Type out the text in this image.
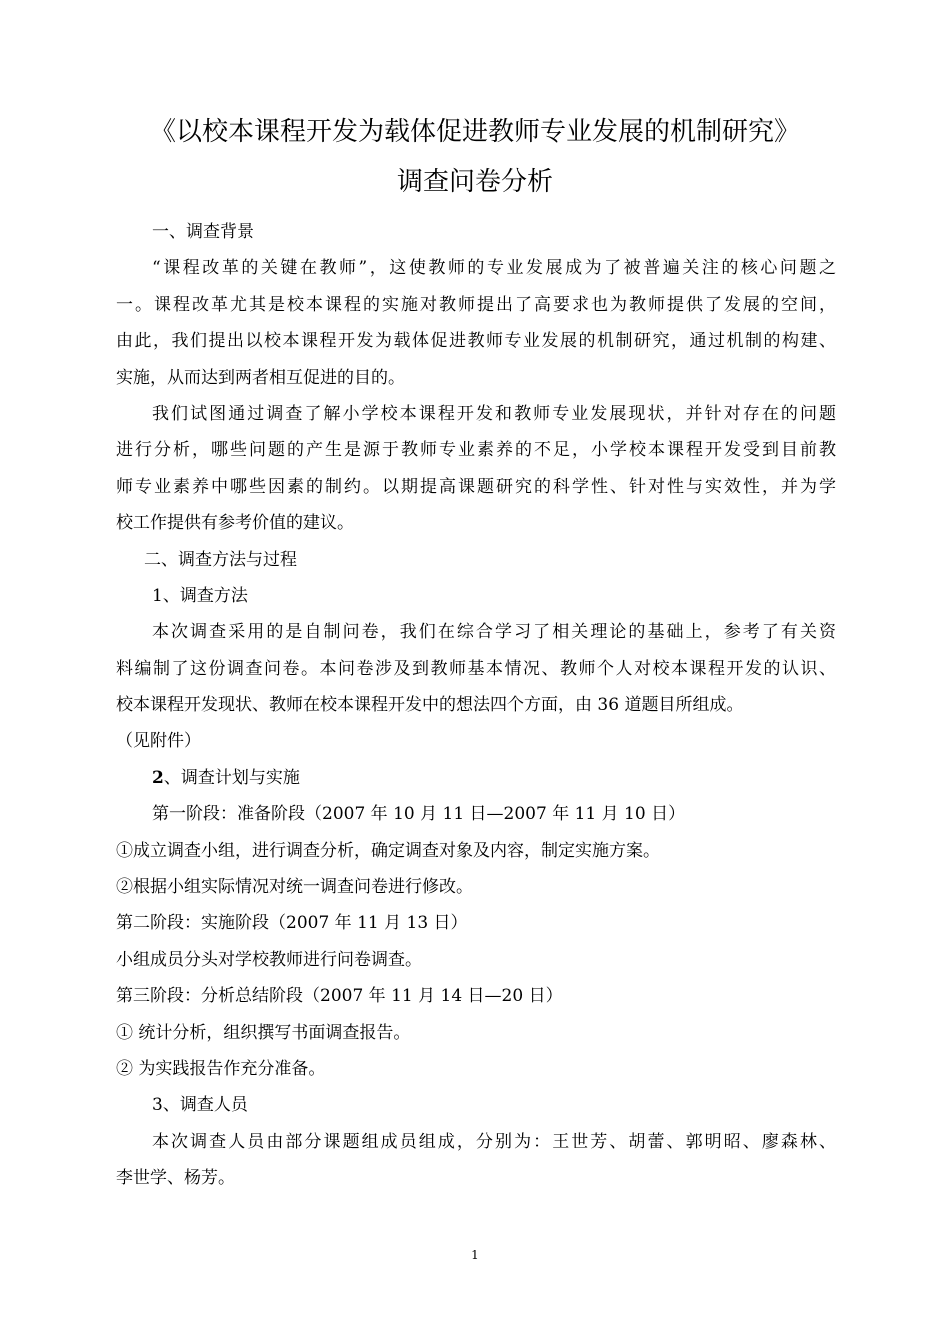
《以校本课程开发为载体促进教师专业发展的机制研究》
调查问卷分析
一、调查背景
“课程改革的关键在教师”，这使教师的专业发展成为了被普遍关注的核心问题之
一。课程改革尤其是校本课程的实施对教师提出了高要求也为教师提供了发展的空间，
由此，我们提出以校本课程开发为载体促进教师专业发展的机制研究，通过机制的构建、
实施，从而达到两者相互促进的目的。
我们试图通过调查了解小学校本课程开发和教师专业发展现状，并针对存在的问题
进行分析，哪些问题的产生是源于教师专业素养的不足，小学校本课程开发受到目前教
师专业素养中哪些因素的制约。以期提高课题研究的科学性、针对性与实效性，并为学
校工作提供有参考价值的建议。
二、调查方法与过程
1、调查方法
本次调查采用的是自制问卷，我们在综合学习了相关理论的基础上，参考了有关资
料编制了这份调查问卷。本问卷涉及到教师基本情况、教师个人对校本课程开发的认识、
校本课程开发现状、教师在校本课程开发中的想法四个方面，由 36 道题目所组成。
（见附件）
2、调查计划与实施
第一阶段：准备阶段（2007 年 10 月 11 日—2007 年 11 月 10 日）
①成立调查小组，进行调查分析，确定调查对象及内容，制定实施方案。
②根据小组实际情况对统一调查问卷进行修改。
第二阶段：实施阶段（2007 年 11 月 13 日）
小组成员分头对学校教师进行问卷调查。
第三阶段：分析总结阶段（2007 年 11 月 14 日—20 日）
① 统计分析，组织撰写书面调查报告。
② 为实践报告作充分准备。
3、调查人员
本次调查人员由部分课题组成员组成，分别为：王世芳、胡蕾、郭明昭、廖森林、
李世学、杨芳。
1
